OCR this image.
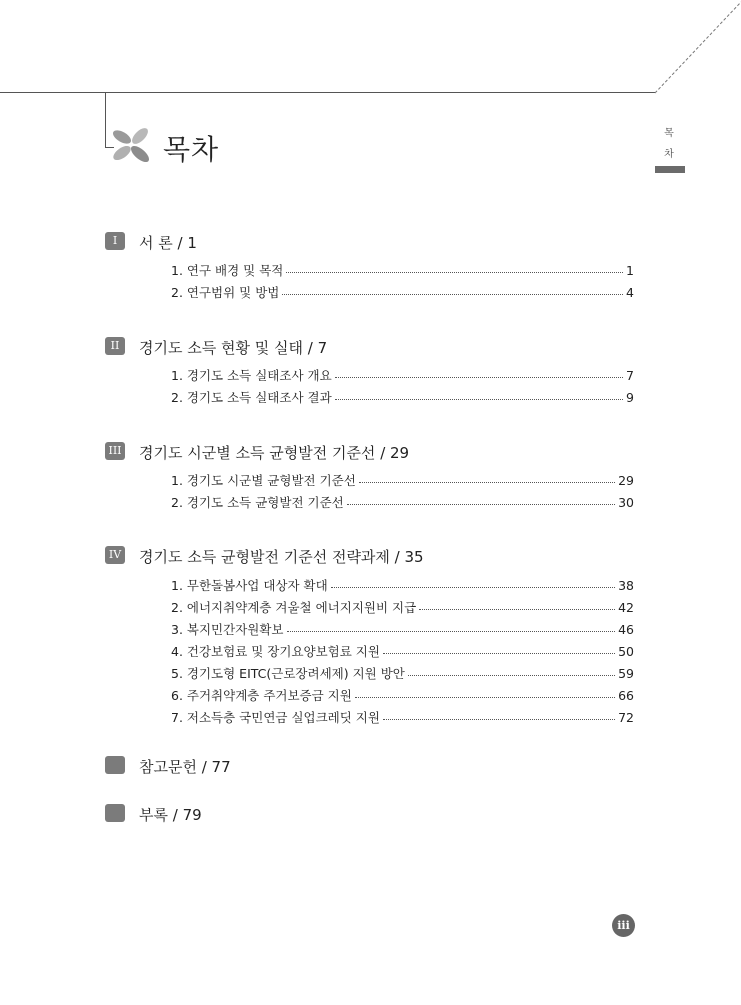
목차	목
차
I	서 론 / 1
1. 연구 배경 및 목적	1
2. 연구범위 및 방법	4
II	경기도 소득 현황 및 실태 / 7
1. 경기도 소득 실태조사 개요	7
2. 경기도 소득 실태조사 결과	9
III 경기도 시군별 소득 균형발전 기준선 / 29
1. 경기도 시군별 균형발전 기준선	29
2. 경기도 소득 균형발전 기준선	30
IV 경기도 소득 균형발전 기준선 전략과제 / 35
1. 무한돌봄사업 대상자 확대	38
2. 에너지취약계층 겨울철 에너지지원비 지급	42
3. 복지민간자원확보	46
4. 건강보험료 및 장기요양보험료 지원	50
5. 경기도형 EITC(근로장려세제) 지원 방안	59
6. 주거취약계층 주거보증금 지원	66
7. 저소득층 국민연금 실업크레딧 지원	72
참고문헌 / 77
부록 / 79
iii
